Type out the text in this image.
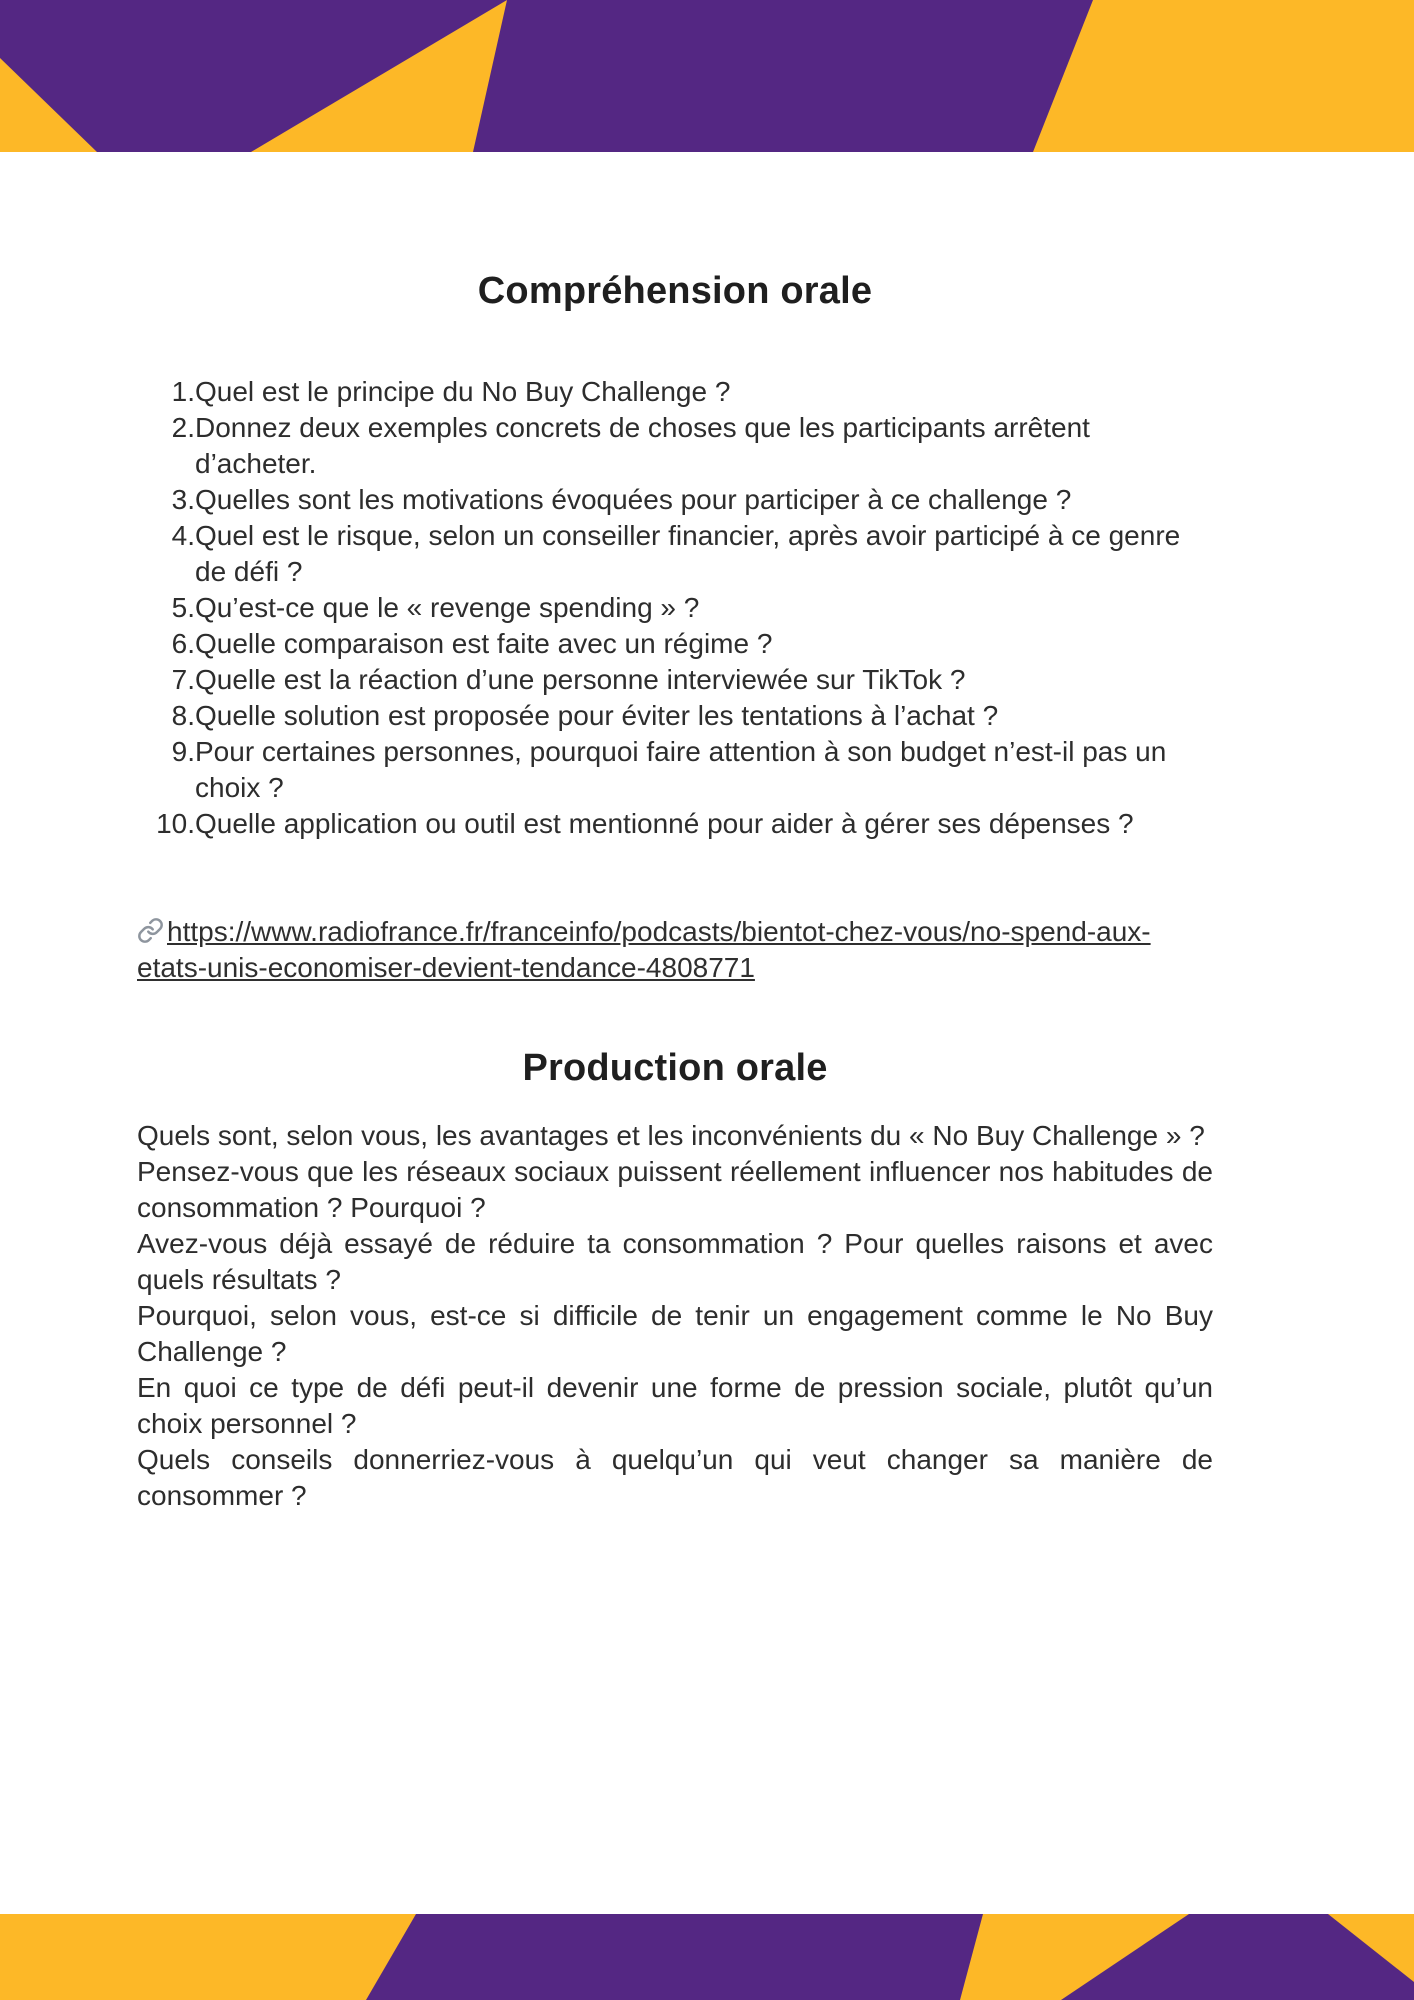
Compréhension orale
Quel est le principe du No Buy Challenge ?
Donnez deux exemples concrets de choses que les participants arrêtent d’acheter.
Quelles sont les motivations évoquées pour participer à ce challenge ?
Quel est le risque, selon un conseiller financier, après avoir participé à ce genre de défi ?
Qu’est-ce que le « revenge spending » ?
Quelle comparaison est faite avec un régime ?
Quelle est la réaction d’une personne interviewée sur TikTok ?
Quelle solution est proposée pour éviter les tentations à l’achat ?
Pour certaines personnes, pourquoi faire attention à son budget n’est-il pas un choix ?
Quelle application ou outil est mentionné pour aider à gérer ses dépenses ?
https://www.radiofrance.fr/franceinfo/podcasts/bientot-chez-vous/no-spend-aux-etats-unis-economiser-devient-tendance-4808771
Production orale

Quels sont, selon vous, les avantages et les inconvénients du « No Buy Challenge » ?

Pensez-vous que les réseaux sociaux puissent réellement influencer nos habitudes de consommation ? Pourquoi ?

Avez-vous déjà essayé de réduire ta consommation ? Pour quelles raisons et avec quels résultats ?

Pourquoi, selon vous, est-ce si difficile de tenir un engagement comme le No Buy Challenge ?

En quoi ce type de défi peut-il devenir une forme de pression sociale, plutôt qu’un choix personnel ?

Quels conseils donnerriez-vous à quelqu’un qui veut changer sa manière de consommer ?
